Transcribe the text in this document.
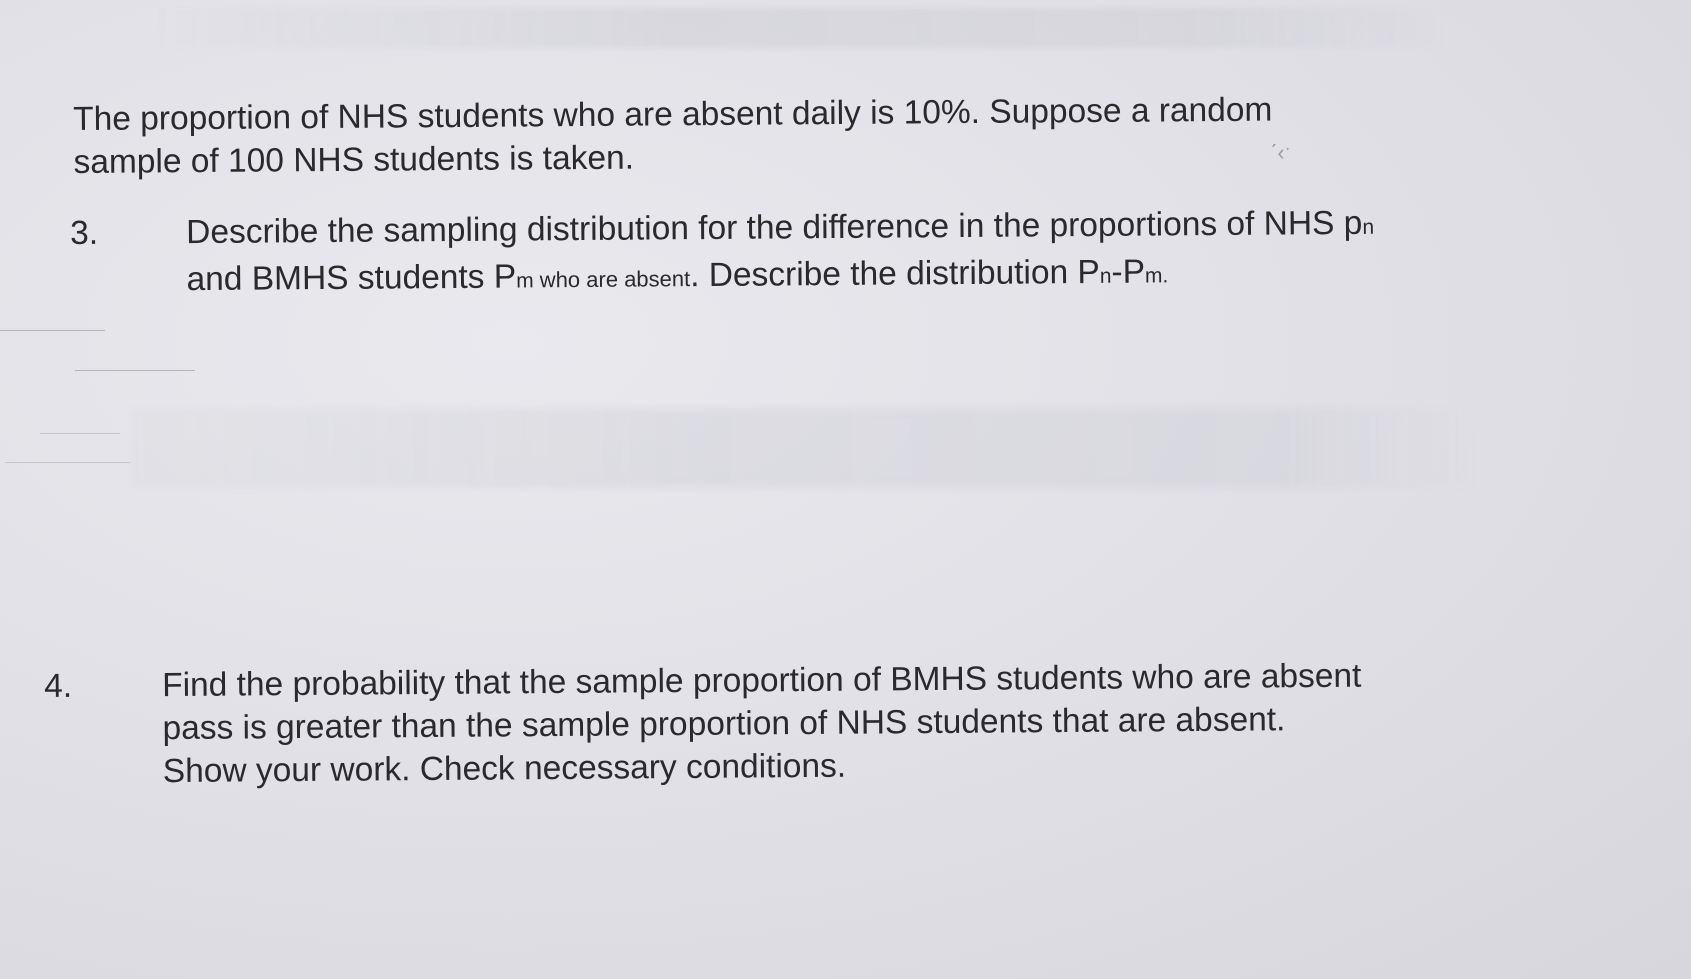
ˊ‹ˑ

The proportion of NHS students who are absent daily is 10%. Suppose a random
sample of 100 NHS students is taken.

3.	Describe the sampling distribution for the difference in the proportions of NHS pn
and BMHS students Pm who are absent. Describe the distribution Pn-Pm.
4.	Find the probability that the sample proportion of BMHS students who are absent
pass is greater than the sample proportion of NHS students that are absent.
Show your work. Check necessary conditions.
